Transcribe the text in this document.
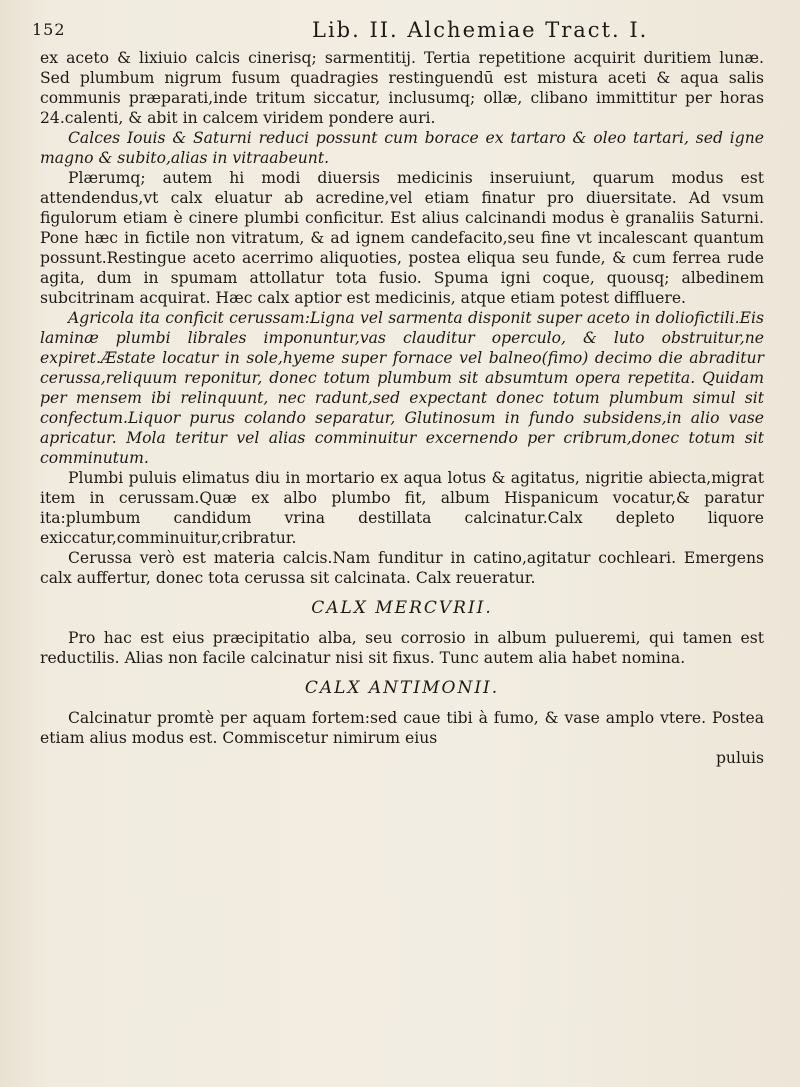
152	Lib. II. Alchemiae Tract. I.

ex aceto & lixiuio calcis cinerisq; sarmentitij. Tertia repetitione acquirit duritiem lunæ. Sed plumbum nigrum fusum quadragies restinguendū est mistura aceti & aqua salis communis præparati,inde tritum siccatur, inclusumq; ollæ, clibano immittitur per horas 24.calenti, & abit in calcem viridem pondere auri.

Calces Iouis & Saturni reduci possunt cum borace ex tartaro & oleo tartari, sed igne magno & subito,alias in vitraabeunt.

Plærumq; autem hi modi diuersis medicinis inseruiunt, quarum modus est attendendus,vt calx eluatur ab acredine,vel etiam finatur pro diuersitate. Ad vsum figulorum etiam è cinere plumbi conficitur. Est alius calcinandi modus è granaliis Saturni. Pone hæc in fictile non vitratum, & ad ignem candefacito,seu fine vt incalescant quantum possunt.Restingue aceto acerrimo aliquoties, postea eliqua seu funde, & cum ferrea rude agita, dum in spumam attollatur tota fusio. Spuma igni coque, quousq; albedinem subcitrinam acquirat. Hæc calx aptior est medicinis, atque etiam potest diffluere.

Agricola ita conficit cerussam:Ligna vel sarmenta disponit super aceto in doliofictili.Eis laminæ plumbi librales imponuntur,vas clauditur operculo, & luto obstruitur,ne expiret.Æstate locatur in sole,hyeme super fornace vel balneo(fimo) decimo die abraditur cerussa,reliquum reponitur, donec totum plumbum sit absumtum opera repetita. Quidam per mensem ibi relinquunt, nec radunt,sed expectant donec totum plumbum simul sit confectum.Liquor purus colando separatur, Glutinosum in fundo subsidens,in alio vase apricatur. Mola teritur vel alias comminuitur excernendo per cribrum,donec totum sit comminutum.

Plumbi puluis elimatus diu in mortario ex aqua lotus & agitatus, nigritie abiecta,migrat item in cerussam.Quæ ex albo plumbo fit, album Hispanicum vocatur,& paratur ita:plumbum candidum vrina destillata calcinatur.Calx depleto liquore exiccatur,comminuitur,cribratur.

Cerussa verò est materia calcis.Nam funditur in catino,agitatur cochleari. Emergens calx auffertur, donec tota cerussa sit calcinata. Calx reueratur.

CALX MERCVRII.

Pro hac est eius præcipitatio alba, seu corrosio in album pulueremi, qui tamen est reductilis. Alias non facile calcinatur nisi sit fixus. Tunc autem alia habet nomina.

CALX ANTIMONII.

Calcinatur promtè per aquam fortem:sed caue tibi à fumo, & vase amplo vtere. Postea etiam alius modus est. Commiscetur nimirum eius

puluis
